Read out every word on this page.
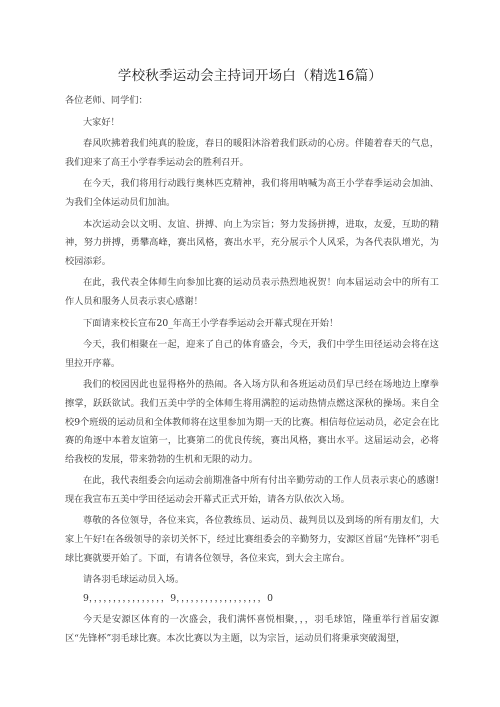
学校秋季运动会主持词开场白（精选16篇）

各位老师、同学们：

大家好！

春风吹拂着我们纯真的脸庞，春日的暖阳沐浴着我们跃动的心房。伴随着春天的气息，我们迎来了高王小学春季运动会的胜利召开。

在今天，我们将用行动践行奥林匹克精神，我们将用呐喊为高王小学春季运动会加油、为我们全体运动员们加油。

本次运动会以文明、友谊、拼搏、向上为宗旨；努力发扬拼搏，进取，友爱，互助的精神，努力拼搏，勇攀高峰，赛出风格，赛出水平，充分展示个人风采，为各代表队增光，为校园添彩。

在此，我代表全体师生向参加比赛的运动员表示热烈地祝贺！向本届运动会中的所有工作人员和服务人员表示衷心感谢！

下面请来校长宣布20_年高王小学春季运动会开幕式现在开始！

今天，我们相聚在一起，迎来了自己的体育盛会，今天，我们中学生田径运动会将在这里拉开序幕。

我们的校园因此也显得格外的热闹。各入场方队和各班运动员们早已经在场地边上摩拳擦掌，跃跃欲试。我们五美中学的全体师生将用满腔的运动热情点燃这深秋的操场。来自全校9个班级的运动员和全体教师将在这里参加为期一天的比赛。相信每位运动员，必定会在比赛的角逐中本着友谊第一，比赛第二的优良传统，赛出风格，赛出水平。这届运动会，必将给我校的发展，带来勃勃的生机和无限的动力。

在此，我代表组委会向运动会前期准备中所有付出辛勤劳动的工作人员表示衷心的感谢!现在我宣布五美中学田径运动会开幕式正式开始，请各方队依次入场。

尊敬的各位领导，各位来宾，各位教练员、运动员、裁判员以及到场的所有朋友们，大家上午好!在各级领导的亲切关怀下，经过比赛组委会的辛勤努力，安源区首届“先锋杯”羽毛球比赛就要开始了。下面，有请各位领导，各位来宾，到大会主席台。

请各羽毛球运动员入场。

9，，，，，，，，，，，，，，，，9，，，，，，，，，，，，，，，，，，0

今天是安源区体育的一次盛会，我们满怀喜悦相聚，，，羽毛球馆，隆重举行首届安源区“先锋杯”羽毛球比赛。本次比赛以为主题，以为宗旨，运动员们将秉承突破渴望，
